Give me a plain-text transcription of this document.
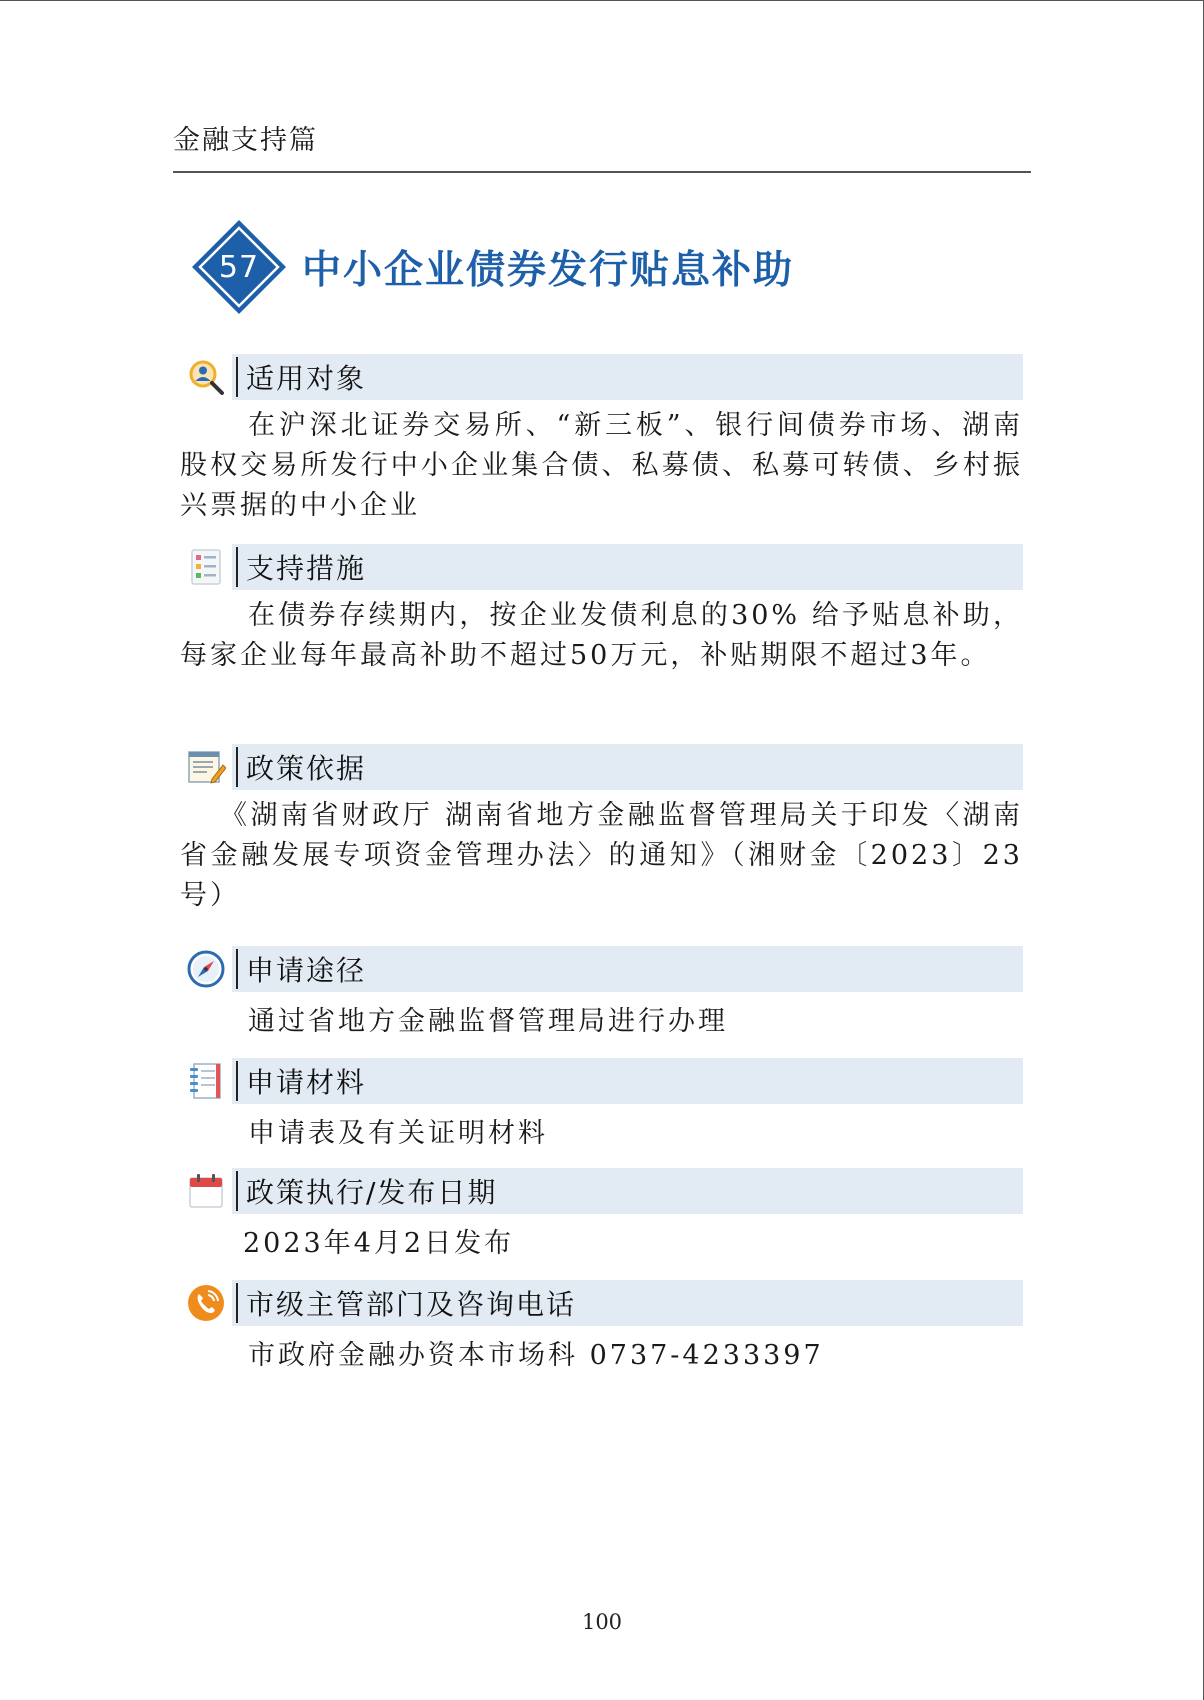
金融支持篇
57	中小企业债券发行贴息补助
适用对象
在沪深北证券交易所、“新三板”、银行间债券市场、湖南股权交易所发行中小企业集合债、私募债、私募可转债、乡村振兴票据的中小企业
支持措施
在债券存续期内，按企业发债利息的30% 给予贴息补助，每家企业每年最高补助不超过50万元，补贴期限不超过3年。
政策依据
《湖南省财政厅 湖南省地方金融监督管理局关于印发〈湖南省金融发展专项资金管理办法〉的通知》（湘财金〔2023〕23号）
申请途径
通过省地方金融监督管理局进行办理
申请材料
申请表及有关证明材料
政策执行/发布日期
2023年4月2日发布
市级主管部门及咨询电话
市政府金融办资本市场科 0737-4233397
100
